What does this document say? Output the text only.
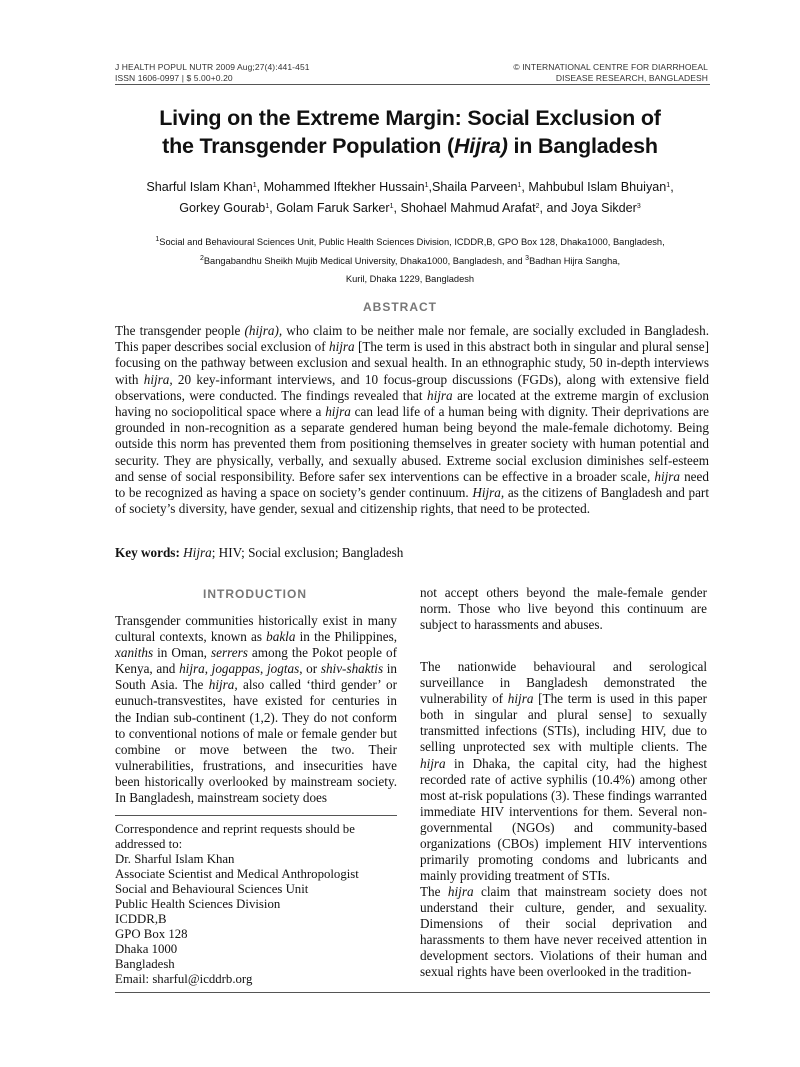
J HEALTH POPUL NUTR 2009 Aug;27(4):441-451
ISSN 1606-0997 | $ 5.00+0.20
© INTERNATIONAL CENTRE FOR DIARRHOEAL
DISEASE RESEARCH, BANGLADESH
Living on the Extreme Margin: Social Exclusion of
the Transgender Population (Hijra) in Bangladesh
Sharful Islam Khan$^1$, Mohammed Iftekher Hussain$^1$,Shaila Parveen$^1$, Mahbubul Islam Bhuiyan$^1$,
Gorkey Gourab$^1$, Golam Faruk Sarker$^1$, Shohael Mahmud Arafat$^2$, and Joya Sikder$^3$
$^1$Social and Behavioural Sciences Unit, Public Health Sciences Division, ICDDR,B, GPO Box 128, Dhaka1000, Bangladesh,
$^2$Bangabandhu Sheikh Mujib Medical University, Dhaka1000, Bangladesh, and $^3$Badhan Hijra Sangha,
Kuril, Dhaka 1229, Bangladesh
ABSTRACT

The transgender people (hijra), who claim to be neither male nor female, are socially excluded in Bangladesh. This paper describes social exclusion of hijra [The term is used in this abstract both in singular and plural sense] focusing on the pathway between exclusion and sexual health. In an ethnographic study, 50 in-depth interviews with hijra, 20 key-informant interviews, and 10 focus-group discussions (FGDs), along with extensive field observations, were conducted. The findings revealed that hijra are located at the extreme margin of exclusion having no sociopolitical space where a hijra can lead life of a human being with dignity. Their deprivations are grounded in non-recognition as a separate gendered human being beyond the male-female dichotomy. Being outside this norm has prevented them from positioning themselves in greater society with human potential and security. They are physically, verbally, and sexually abused. Extreme social exclusion diminishes self-esteem and sense of social responsibility. Before safer sex interventions can be effective in a broader scale, hijra need to be recognized as having a space on society’s gender continuum. Hijra, as the citizens of Bangladesh and part of society’s diversity, have gender, sexual and citizenship rights, that need to be protected.

Key words: Hijra; HIV; Social exclusion; Bangladesh
INTRODUCTION

Transgender communities historically exist in many cultural contexts, known as bakla in the Philippines, xaniths in Oman, serrers among the Pokot people of Kenya, and hijra, jogappas, jogtas, or shiv-shaktis in South Asia. The hijra, also called ‘third gender’ or eunuch-transvestites, have existed for centuries in the Indian sub-continent (1,2). They do not conform to conventional notions of male or female gender but combine or move between the two. Their vulnerabilities, frustrations, and insecurities have been historically overlooked by mainstream society. In Bangladesh, mainstream society does

Correspondence and reprint requests should be
addressed to:
Dr. Sharful Islam Khan
Associate Scientist and Medical Anthropologist
Social and Behavioural Sciences Unit
Public Health Sciences Division
ICDDR,B
GPO Box 128
Dhaka 1000
Bangladesh
Email: sharful@icddrb.org

not accept others beyond the male-female gender norm. Those who live beyond this continuum are subject to harassments and abuses.

The nationwide behavioural and serological surveillance in Bangladesh demonstrated the vulnerability of hijra [The term is used in this paper both in singular and plural sense] to sexually transmitted infections (STIs), including HIV, due to selling unprotected sex with multiple clients. The hijra in Dhaka, the capital city, had the highest recorded rate of active syphilis (10.4%) among other most at-risk populations (3). These findings warranted immediate HIV interventions for them. Several non-governmental (NGOs) and community-based organizations (CBOs) implement HIV interventions primarily promoting condoms and lubricants and mainly providing treatment of STIs.

The hijra claim that mainstream society does not understand their culture, gender, and sexuality. Dimensions of their social deprivation and harassments to them have never received attention in development sectors. Violations of their human and sexual rights have been overlooked in the tradition-
